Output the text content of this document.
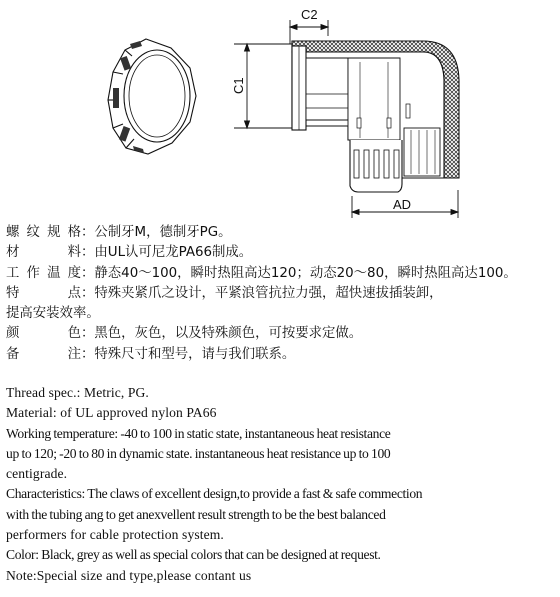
C2
C1
AD
螺纹规格 ： 公制牙M，德制牙PG。
材　　料 ： 由UL认可尼龙PA66制成。
工作温度 ： 静态40～100，瞬时热阻高达120；动态20～80，瞬时热阻高达100。
特　　点 ： 特殊夹紧爪之设计，平紧浪管抗拉力强，超快速拔插装卸，
提高安装效率。
颜　　色 ： 黑色，灰色，以及特殊颜色，可按要求定做。
备　　注 ： 特殊尺寸和型号，请与我们联系。
Thread spec.: Metric, PG.
Material: of UL approved nylon PA66
Working temperature: -40 to 100 in static state, instantaneous heat resistance
up to 120; -20 to 80 in dynamic state. instantaneous heat resistance up to 100
centigrade.
Characteristics: The claws of excellent design,to provide a fast & safe commection
with the tubing ang to get anexvellent result strength to be the best balanced
performers for cable protection system.
Color: Black, grey as well as special colors that can be designed at request.
Note:Special size and type,please contant us
